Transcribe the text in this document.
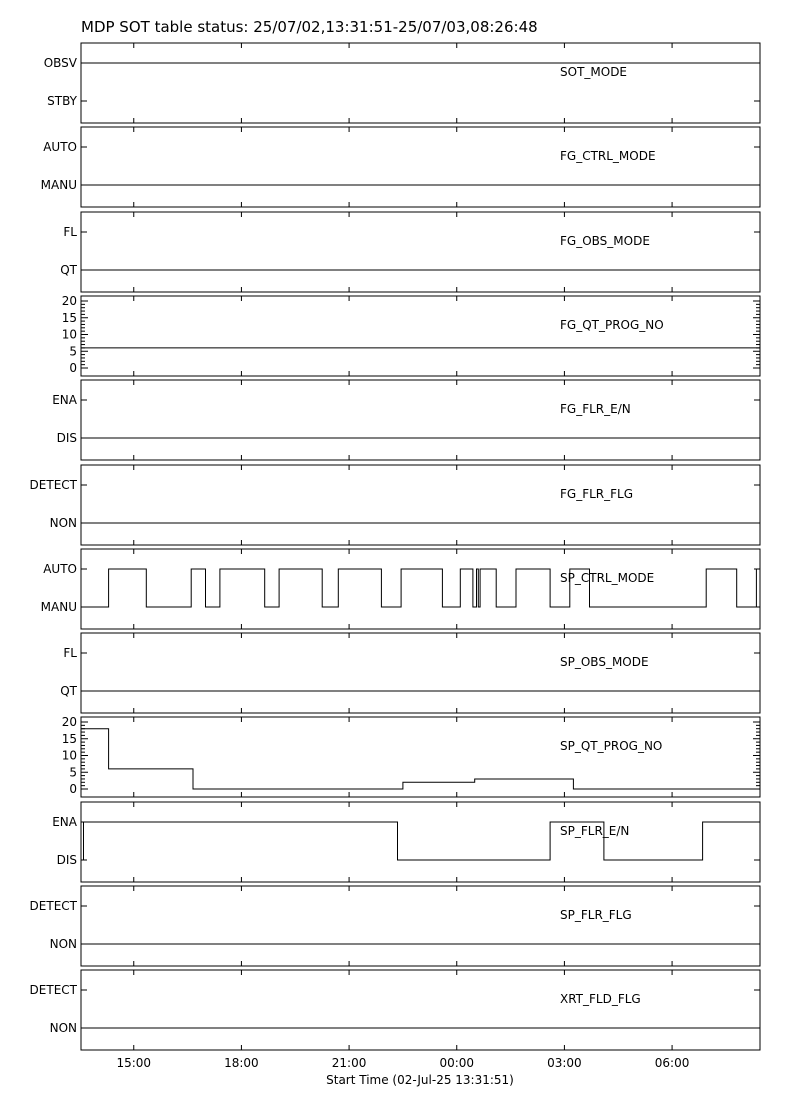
MDP SOT table status: 25/07/02,13:31:51-25/07/03,08:26:48
STBY
OBSV
SOT_MODE
MANU
AUTO
FG_CTRL_MODE
QT
FL
FG_OBS_MODE
0
5
10
15
20
FG_QT_PROG_NO
DIS
ENA
FG_FLR_E/N
NON
DETECT
FG_FLR_FLG
MANU
AUTO
SP_CTRL_MODE
QT
FL
SP_OBS_MODE
0
5
10
15
20
SP_QT_PROG_NO
DIS
ENA
SP_FLR_E/N
NON
DETECT
SP_FLR_FLG
NON
DETECT
XRT_FLD_FLG
15:00	18:00	21:00	00:00	03:00	06:00
Start Time (02-Jul-25 13:31:51)
